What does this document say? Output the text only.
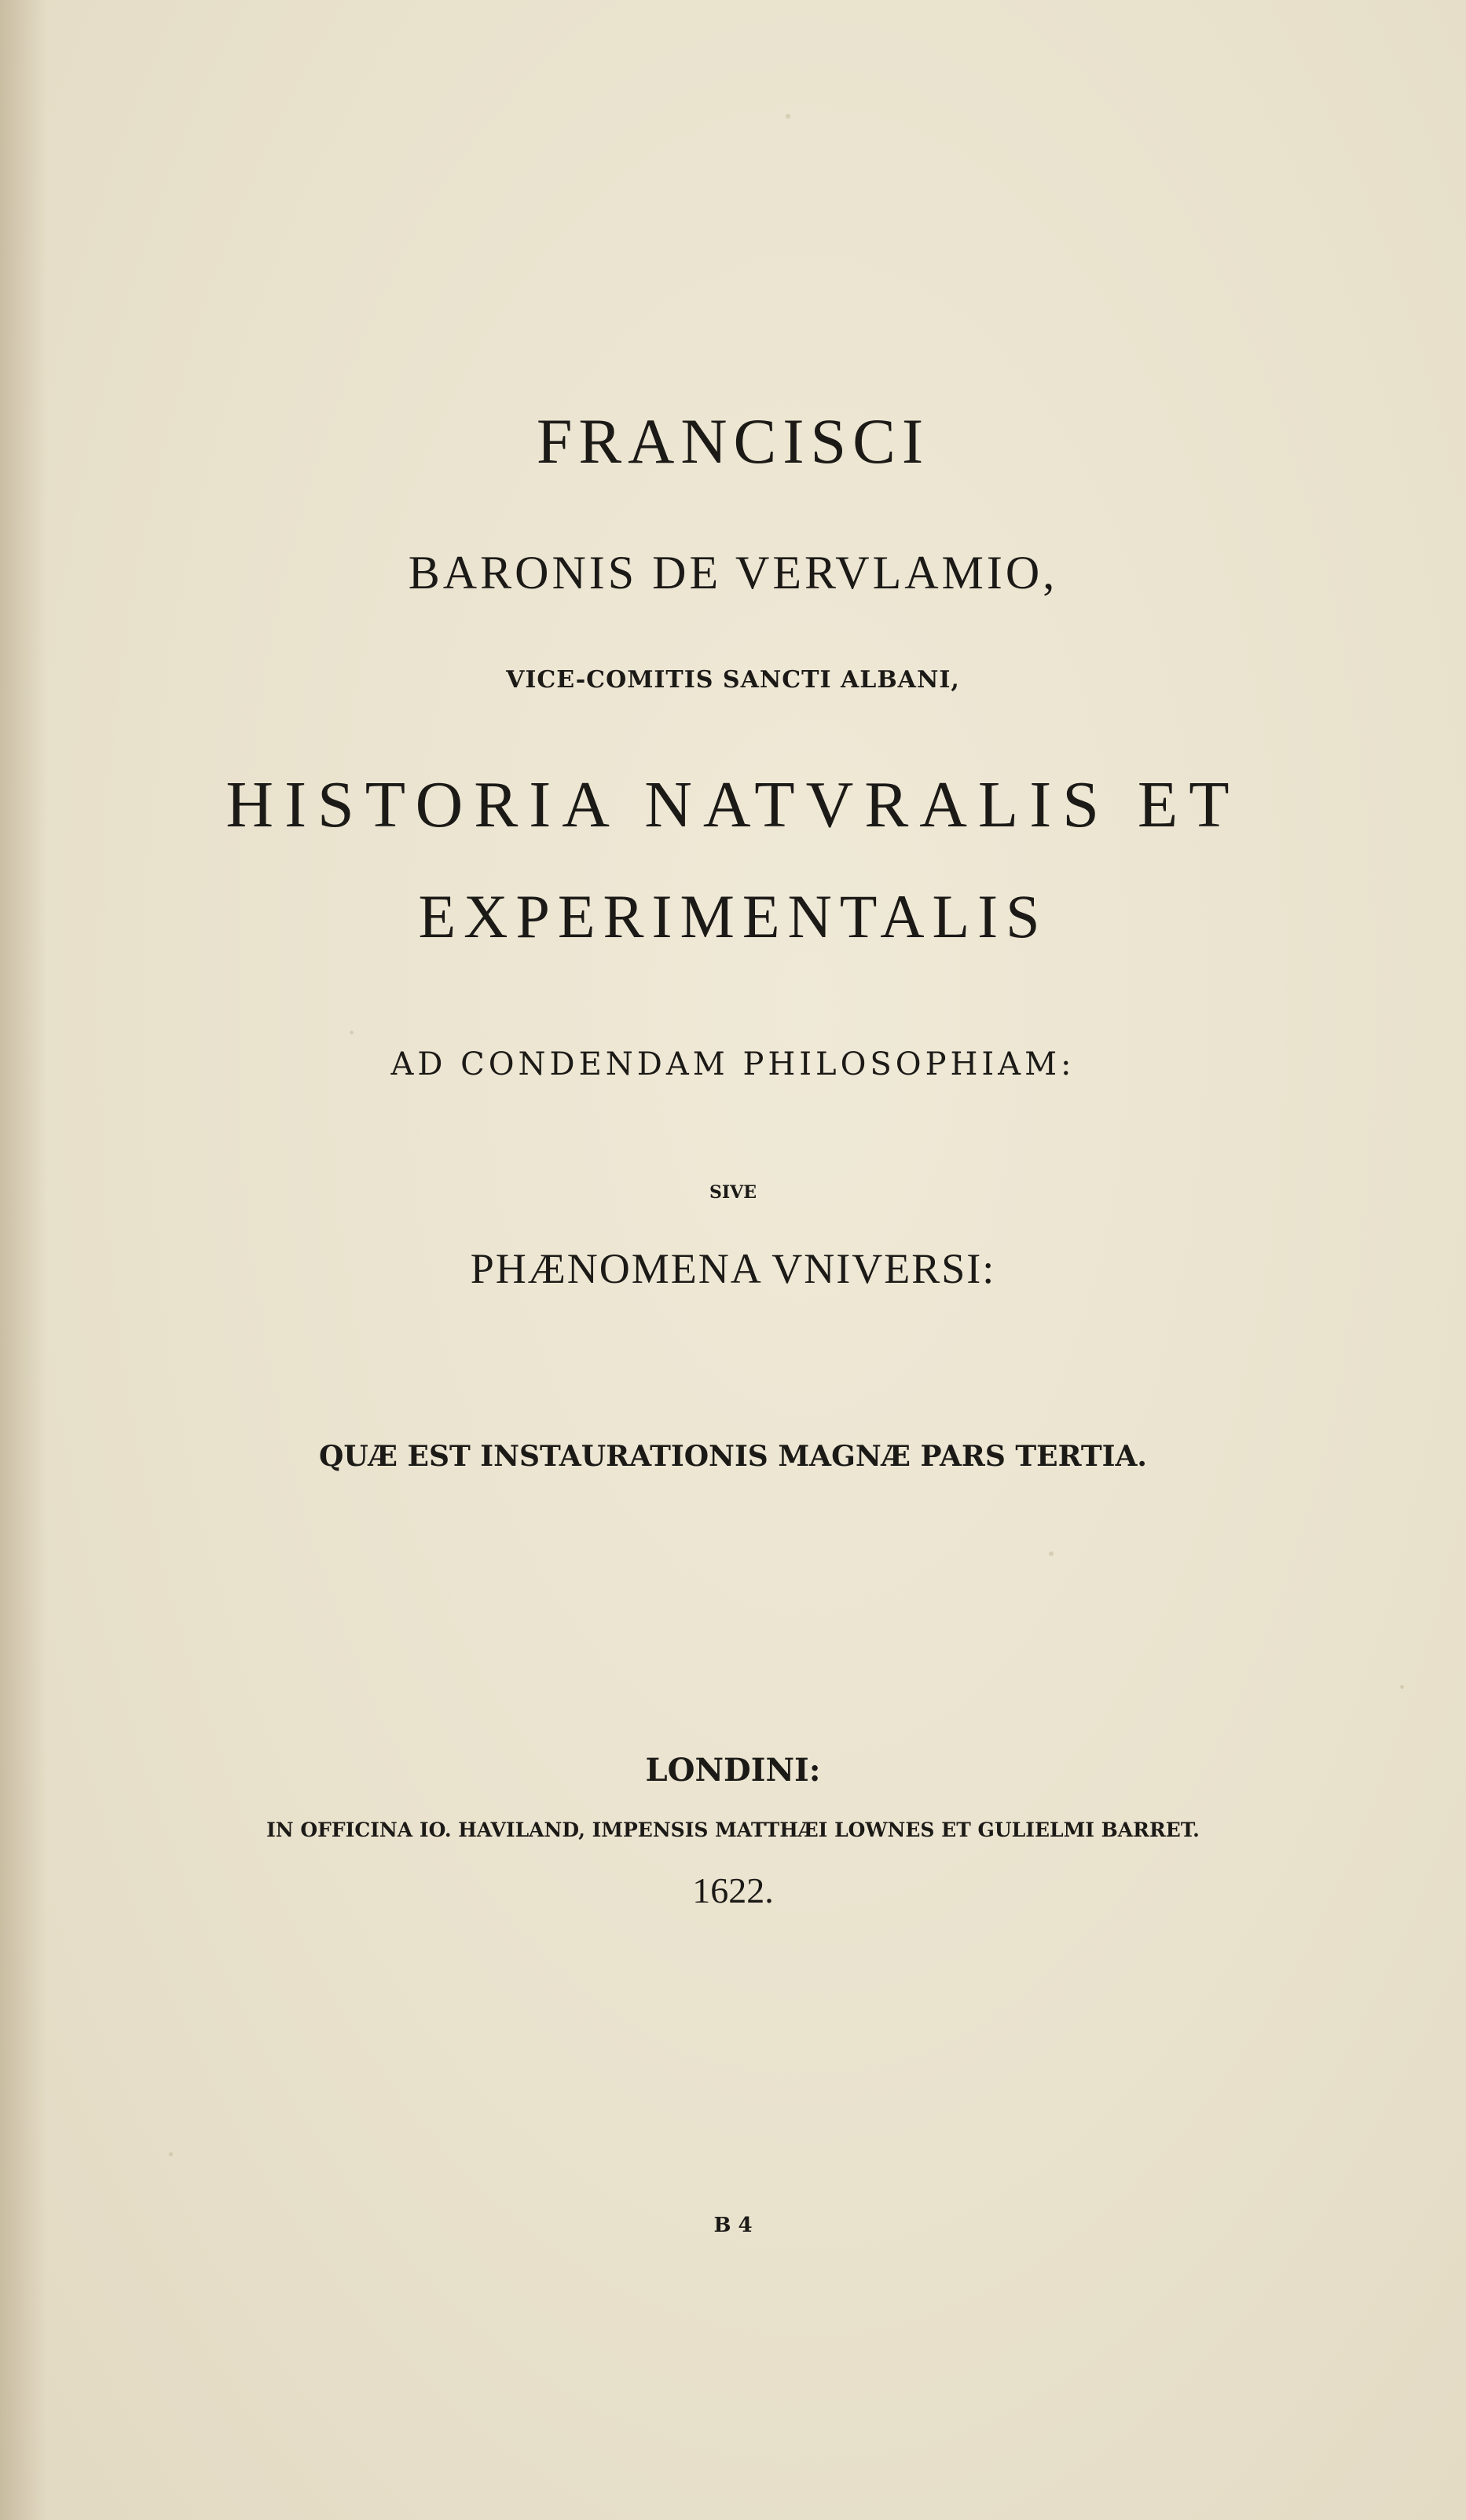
FRANCISCI

BARONIS DE VERVLAMIO,

VICE-COMITIS SANCTI ALBANI,

HISTORIA NATVRALIS ET

EXPERIMENTALIS

AD CONDENDAM PHILOSOPHIAM:

SIVE

PHÆNOMENA VNIVERSI:

QUÆ EST INSTAURATIONIS MAGNÆ PARS TERTIA.

LONDINI:

IN OFFICINA IO. HAVILAND, IMPENSIS MATTHÆI LOWNES ET GULIELMI BARRET.

1622.

B 4
